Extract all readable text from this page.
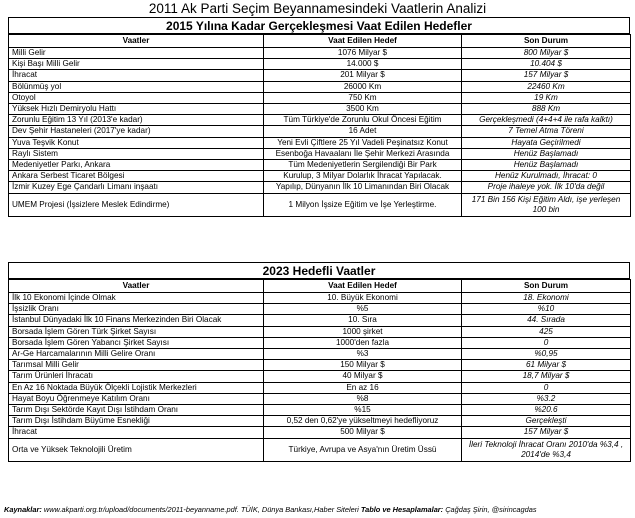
2011 Ak Parti Seçim Beyannamesindeki Vaatlerin Analizi
2015 Yılına Kadar Gerçekleşmesi Vaat Edilen Hedefler
Vaatler	Vaat Edilen Hedef	Son Durum
Milli Gelir	1076 Milyar $	800 Milyar $
Kişi Başı Milli Gelir	14.000 $	10.404 $
İhracat	201 Milyar $	157 Milyar $
Bölünmüş yol	26000 Km	22460 Km
Otoyol	750 Km	19 Km
Yüksek Hızlı Demiryolu Hattı	3500 Km	888 Km
Zorunlu Eğitim 13 Yıl (2013'e kadar)	Tüm Türkiye'de Zorunlu Okul Öncesi Eğitim	Gerçekleşmedi (4+4+4 ile rafa kalktı)
Dev Şehir Hastaneleri (2017'ye kadar)	16 Adet	7 Temel Atma Töreni
Yuva Teşvik Konut	Yeni Evli Çiftlere 25 Yıl Vadeli Peşinatsız Konut	Hayata Geçirilmedi
Raylı Sistem	Esenboğa Havaalanı İle Şehir Merkezi Arasında	Henüz Başlamadı
Medeniyetler Parkı, Ankara	Tüm Medeniyetlerin Sergilendiği Bir Park	Henüz Başlamadı
Ankara Serbest Ticaret Bölgesi	Kurulup, 3 Milyar Dolarlık İhracat Yapılacak.	Henüz Kurulmadı, İhracat: 0
İzmir Kuzey Ege Çandarlı Limanı inşaatı	Yapılıp, Dünyanın İlk 10 Limanından Biri Olacak	Proje ihaleye yok. İlk 10'da değil
UMEM Projesi (İşsizlere Meslek Edindirme)	1 Milyon İşsize Eğitim ve İşe Yerleştirme.	171 Bin 156 Kişi Eğitim Aldı, işe yerleşen 100 bin
2023 Hedefli Vaatler
Vaatler	Vaat Edilen Hedef	Son Durum
İlk 10 Ekonomi İçinde Olmak	10. Büyük Ekonomi	18. Ekonomi
İşsizlik Oranı	%5	%10
İstanbul Dünyadaki İlk 10 Finans Merkezinden Biri Olacak	10. Sıra	44. Sırada
Borsada İşlem Gören Türk Şirket Sayısı	1000 şirket	425
Borsada İşlem Gören Yabancı Şirket Sayısı	1000'den fazla	0
Ar-Ge Harcamalarının Milli Gelire Oranı	%3	%0,95
Tarımsal Milli Gelir	150 Milyar $	61 Milyar $
Tarım Ürünleri İhracatı	40 Milyar $	18,7 Milyar $
En Az 16 Noktada Büyük Ölçekli Lojistik Merkezleri	En az 16	0
Hayat Boyu Öğrenmeye Katılım Oranı	%8	%3.2
Tarım Dışı Sektörde Kayıt Dışı İstihdam Oranı	%15	%20.6
Tarım Dışı İstihdam Büyüme Esnekliği	0,52 den 0,62'ye yükseltmeyi hedefliyoruz	Gerçekleşti
İhracat	500 Milyar $	157 Milyar $
Orta ve Yüksek Teknolojili Üretim	Türkiye, Avrupa ve Asya'nın Üretim Üssü	İleri Teknoloji İhracat Oranı 2010'da %3,4 , 2014'de %3,4
Kaynaklar: www.akparti.org.tr/upload/documents/2011-beyanname.pdf. TÜİK, Dünya Bankası,Haber Siteleri Tablo ve Hesaplamalar: Çağdaş Şirin, @sirincagdas
